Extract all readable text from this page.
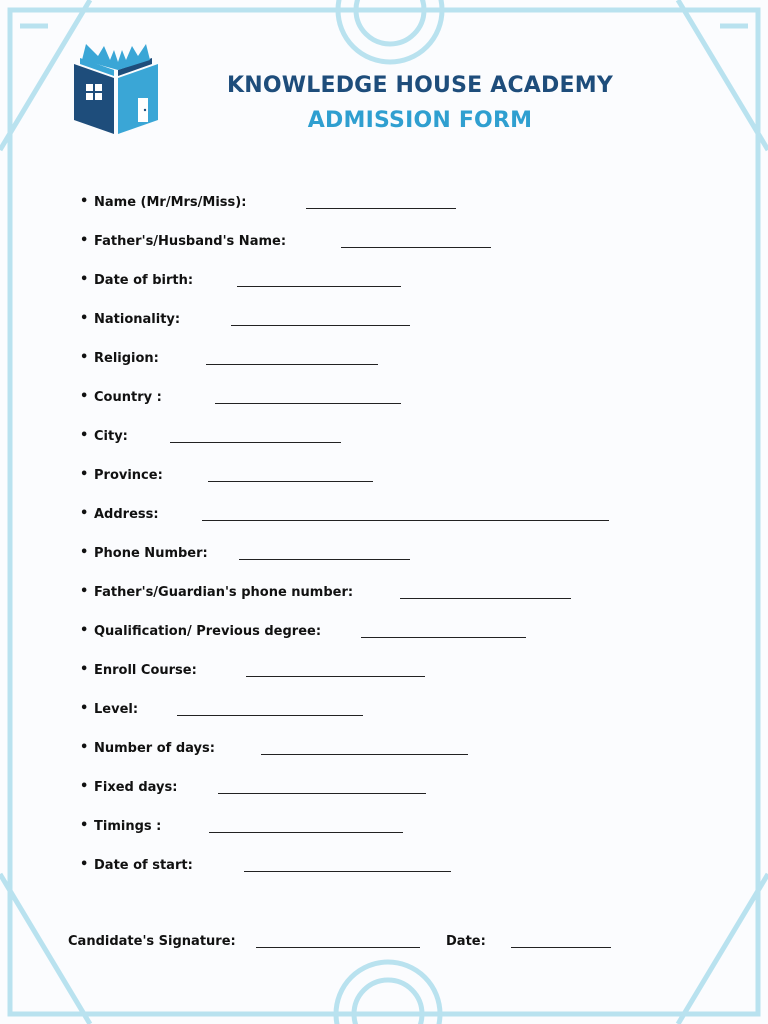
KNOWLEDGE HOUSE ACADEMY
ADMISSION FORM
• Name (Mr/Mrs/Miss):
• Father's/Husband's Name:
• Date of birth:
• Nationality:
• Religion:
• Country :
• City:
• Province:
• Address:
• Phone Number:
• Father's/Guardian's phone number:
• Qualification/ Previous degree:
• Enroll Course:
• Level:
• Number of days:
• Fixed days:
• Timings :
• Date of start:
Candidate's Signature:	Date:
